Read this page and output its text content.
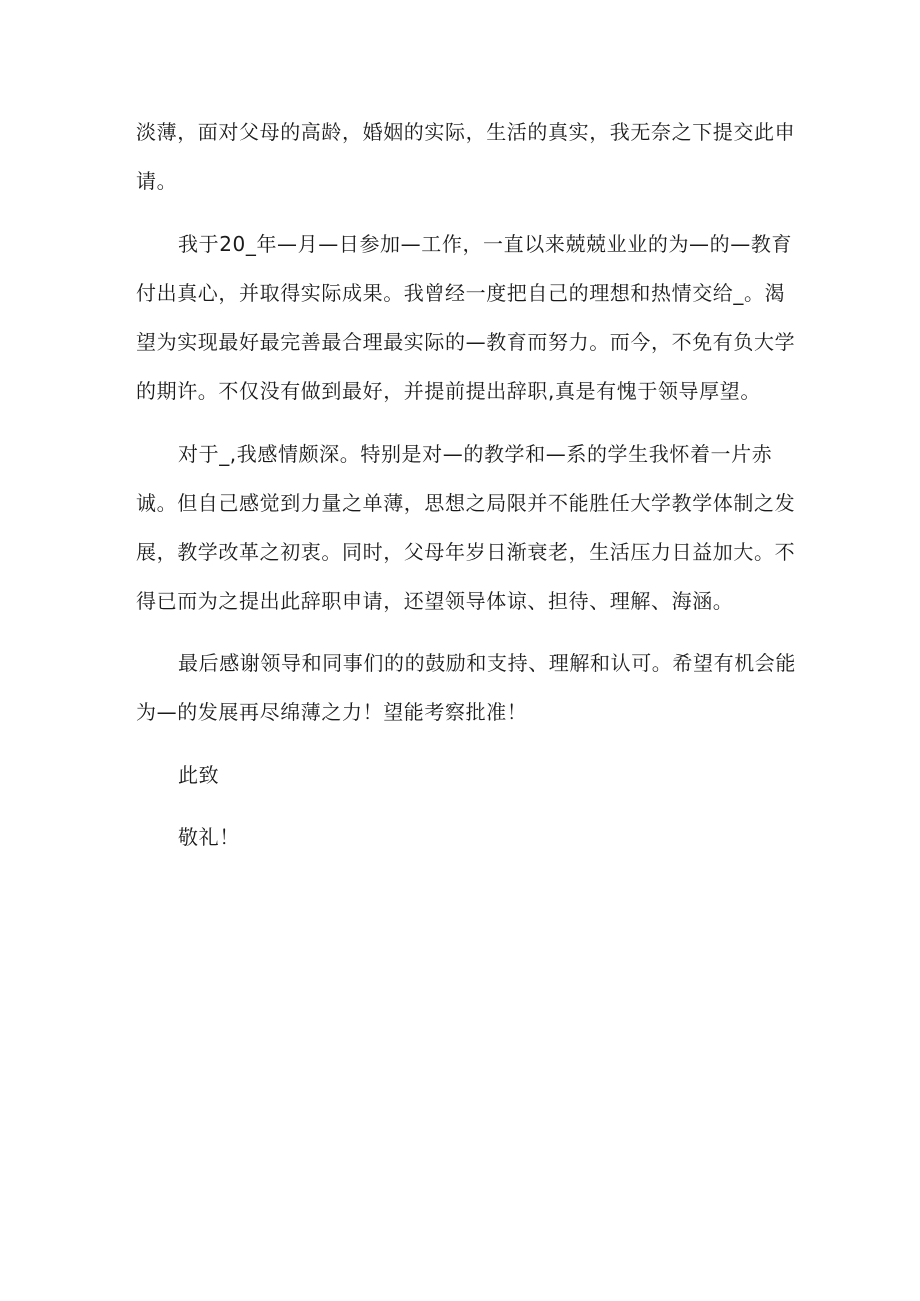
淡薄，面对父母的高龄，婚姻的实际，生活的真实，我无奈之下提交此申
请。
我于20_年—月—日参加—工作，一直以来兢兢业业的为—的—教育
付出真心，并取得实际成果。我曾经一度把自己的理想和热情交给_。渴
望为实现最好最完善最合理最实际的—教育而努力。而今，不免有负大学
的期许。不仅没有做到最好，并提前提出辞职,真是有愧于领导厚望。
对于_,我感情颇深。特别是对—的教学和—系的学生我怀着一片赤
诚。但自己感觉到力量之单薄，思想之局限并不能胜任大学教学体制之发
展，教学改革之初衷。同时，父母年岁日渐衰老，生活压力日益加大。不
得已而为之提出此辞职申请，还望领导体谅、担待、理解、海涵。
最后感谢领导和同事们的的鼓励和支持、理解和认可。希望有机会能
为—的发展再尽绵薄之力！望能考察批准！
此致
敬礼！
